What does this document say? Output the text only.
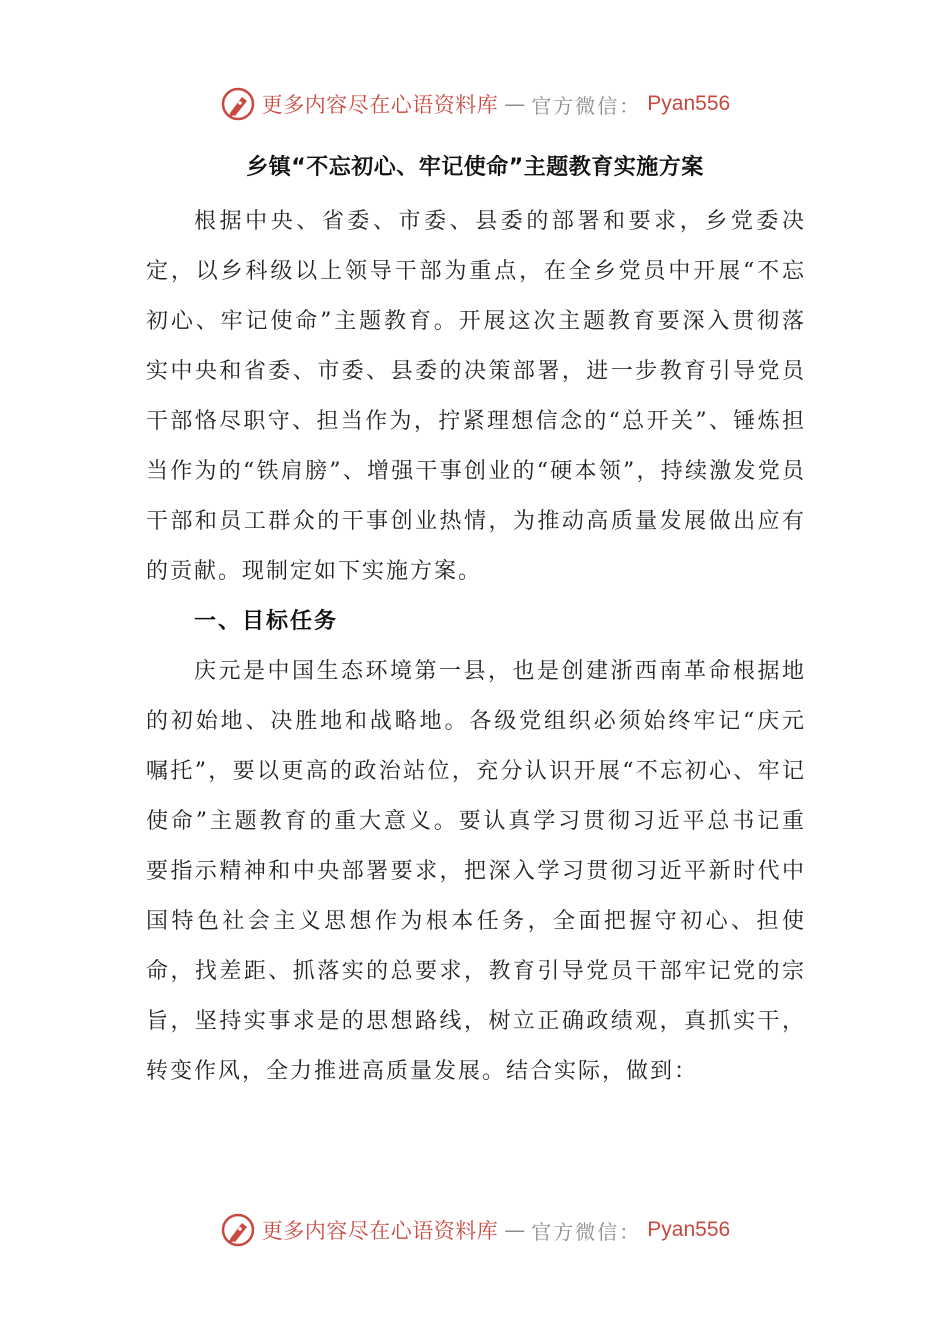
更多内容尽在心语资料库 — 官方微信： Pyan556
乡镇“不忘初心、牢记使命”主题教育实施方案

根据中央、省委、市委、县委的部署和要求，乡党委决定，以乡科级以上领导干部为重点，在全乡党员中开展“不忘初心、牢记使命”主题教育。开展这次主题教育要深入贯彻落实中央和省委、市委、县委的决策部署，进一步教育引导党员干部恪尽职守、担当作为，拧紧理想信念的“总开关”、锤炼担当作为的“铁肩膀”、增强干事创业的“硬本领”，持续激发党员干部和员工群众的干事创业热情，为推动高质量发展做出应有的贡献。现制定如下实施方案。

一、目标任务

庆元是中国生态环境第一县，也是创建浙西南革命根据地的初始地、决胜地和战略地。各级党组织必须始终牢记“庆元嘱托”，要以更高的政治站位，充分认识开展“不忘初心、牢记使命”主题教育的重大意义。要认真学习贯彻习近平总书记重要指示精神和中央部署要求，把深入学习贯彻习近平新时代中国特色社会主义思想作为根本任务，全面把握守初心、担使命，找差距、抓落实的总要求，教育引导党员干部牢记党的宗旨，坚持实事求是的思想路线，树立正确政绩观，真抓实干，转变作风，全力推进高质量发展。结合实际，做到：

更多内容尽在心语资料库 — 官方微信： Pyan556
